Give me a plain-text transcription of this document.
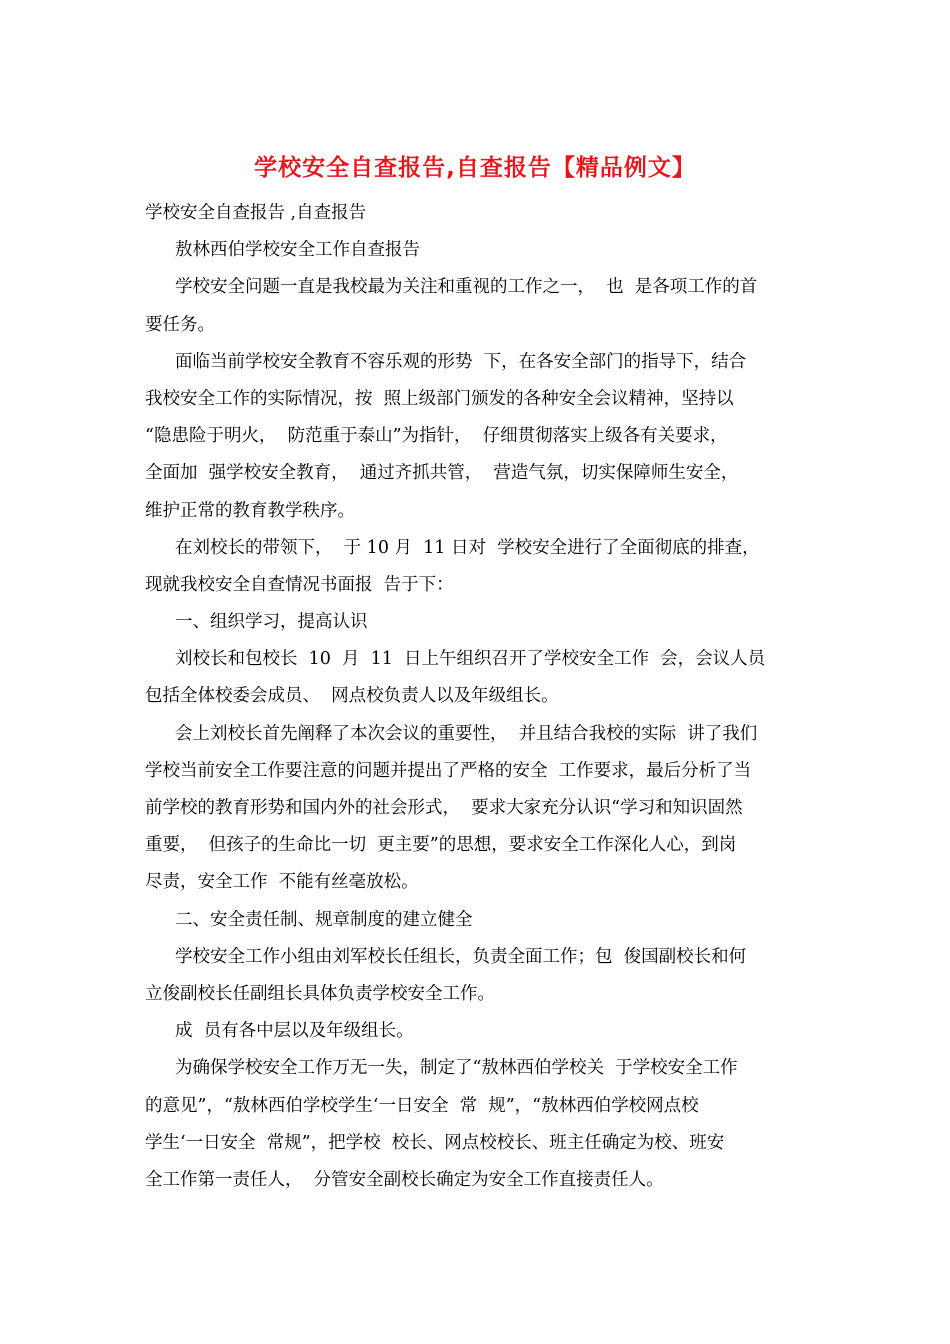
学校安全自查报告,自查报告【精品例文】
学校安全自查报告 ,自查报告
敖林西伯学校安全工作自查报告
学校安全问题一直是我校最为关注和重视的工作之一，  也  是各项工作的首
要任务。
面临当前学校安全教育不容乐观的形势  下，在各安全部门的指导下，结合
我校安全工作的实际情况，按  照上级部门颁发的各种安全会议精神，坚持以
“隐患险于明火，  防范重于泰山”为指针，  仔细贯彻落实上级各有关要求，
全面加  强学校安全教育，  通过齐抓共管，  营造气氛，切实保障师生安全，
维护正常的教育教学秩序。
在刘校长的带领下，  于 10 月  11 日对  学校安全进行了全面彻底的排查，
现就我校安全自查情况书面报  告于下：
一、组织学习，提高认识
刘校长和包校长  10  月  11  日上午组织召开了学校安全工作  会，会议人员
包括全体校委会成员、  网点校负责人以及年级组长。
会上刘校长首先阐释了本次会议的重要性，  并且结合我校的实际  讲了我们
学校当前安全工作要注意的问题并提出了严格的安全  工作要求，最后分析了当
前学校的教育形势和国内外的社会形式，  要求大家充分认识“学习和知识固然
重要，  但孩子的生命比一切  更主要”的思想，要求安全工作深化人心，到岗
尽责，安全工作  不能有丝毫放松。
二、安全责任制、规章制度的建立健全
学校安全工作小组由刘军校长任组长，负责全面工作；包  俊国副校长和何
立俊副校长任副组长具体负责学校安全工作。
成  员有各中层以及年级组长。
为确保学校安全工作万无一失，制定了“敖林西伯学校关  于学校安全工作
的意见”，“敖林西伯学校学生‘一日安全  常  规”，“敖林西伯学校网点校
学生‘一日安全  常规”，把学校  校长、网点校校长、班主任确定为校、班安
全工作第一责任人，  分管安全副校长确定为安全工作直接责任人。
